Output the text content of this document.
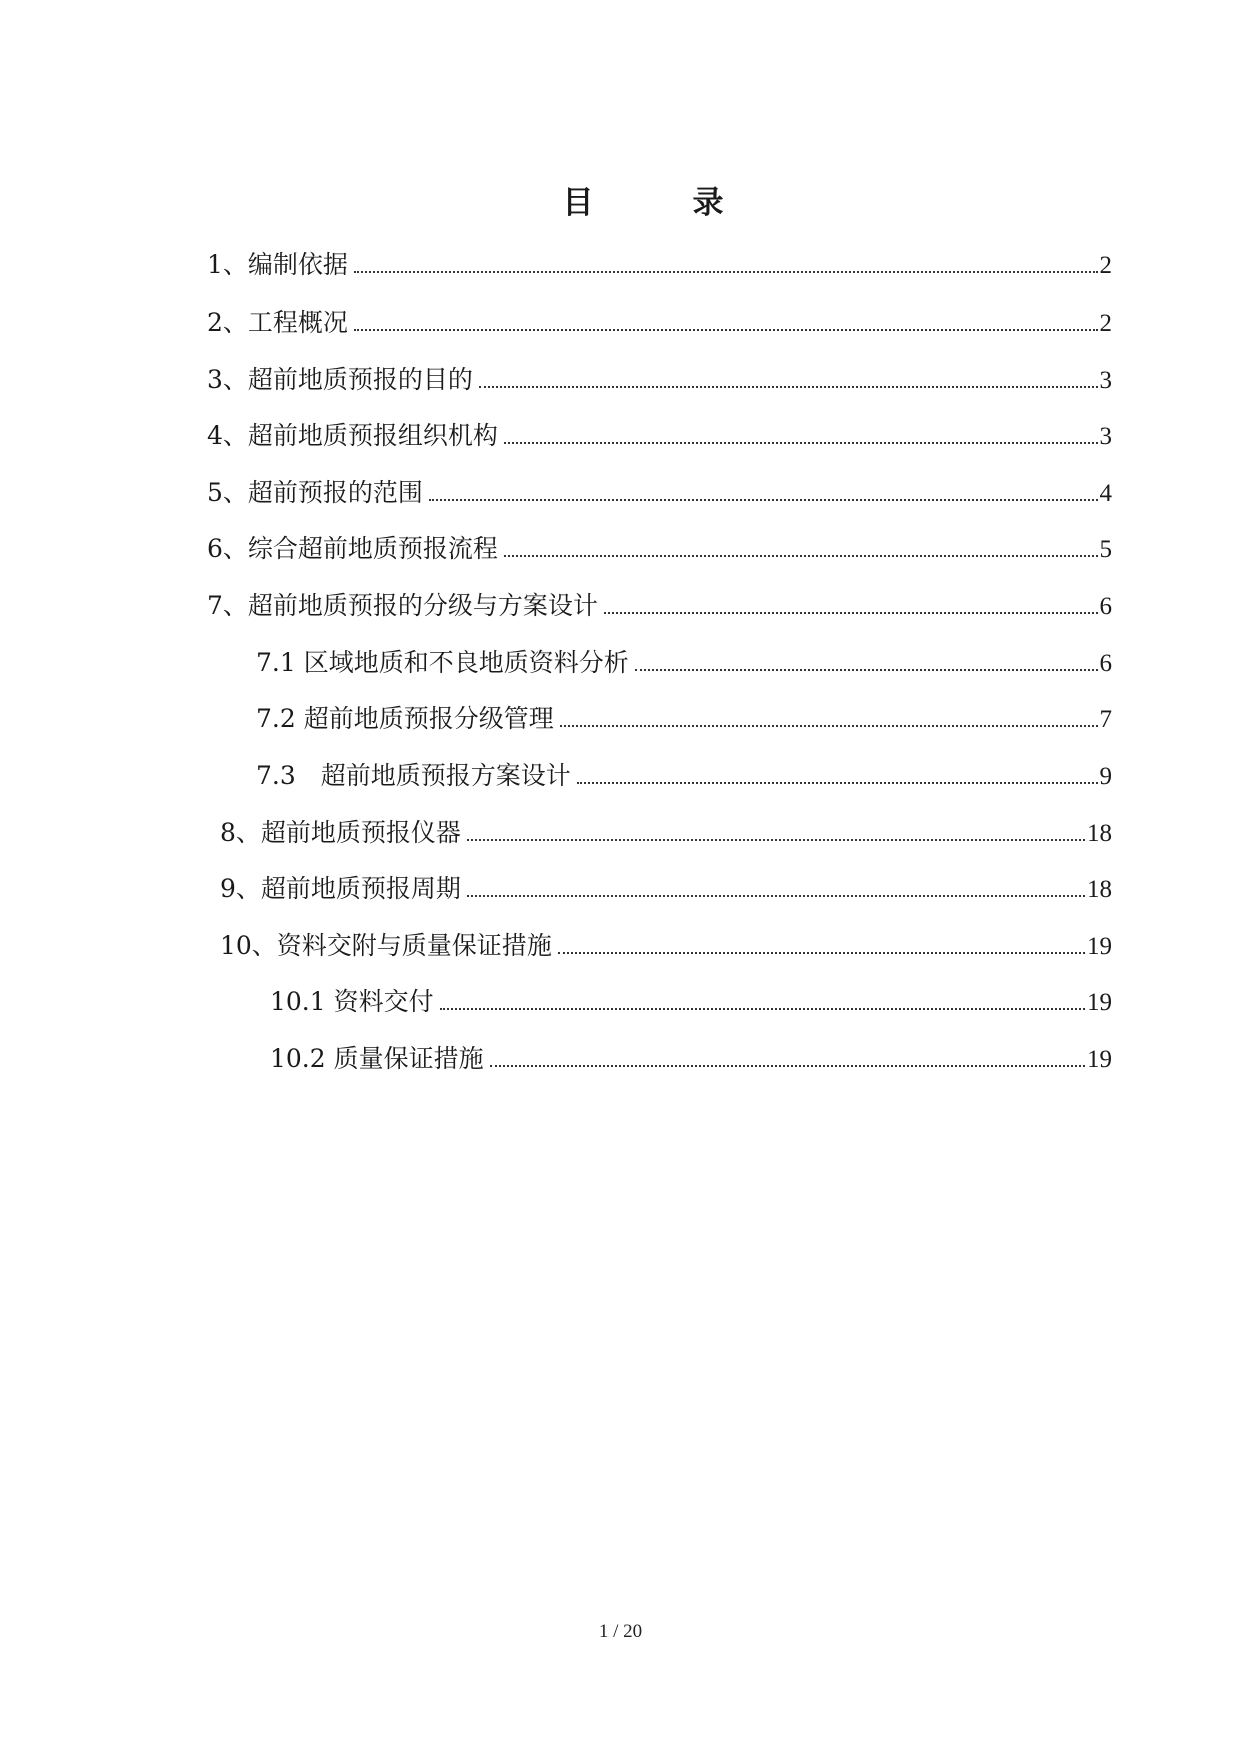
目　录
1、编制依据	2
2、工程概况	2
3、超前地质预报的目的	3
4、超前地质预报组织机构	3
5、超前预报的范围	4
6、综合超前地质预报流程	5
7、超前地质预报的分级与方案设计	6
7.1 区域地质和不良地质资料分析	6
7.2 超前地质预报分级管理	7
7.3　超前地质预报方案设计	9
8、超前地质预报仪器	18
9、超前地质预报周期	18
10、资料交附与质量保证措施	19
10.1 资料交付	19
10.2 质量保证措施	19
1 / 20
